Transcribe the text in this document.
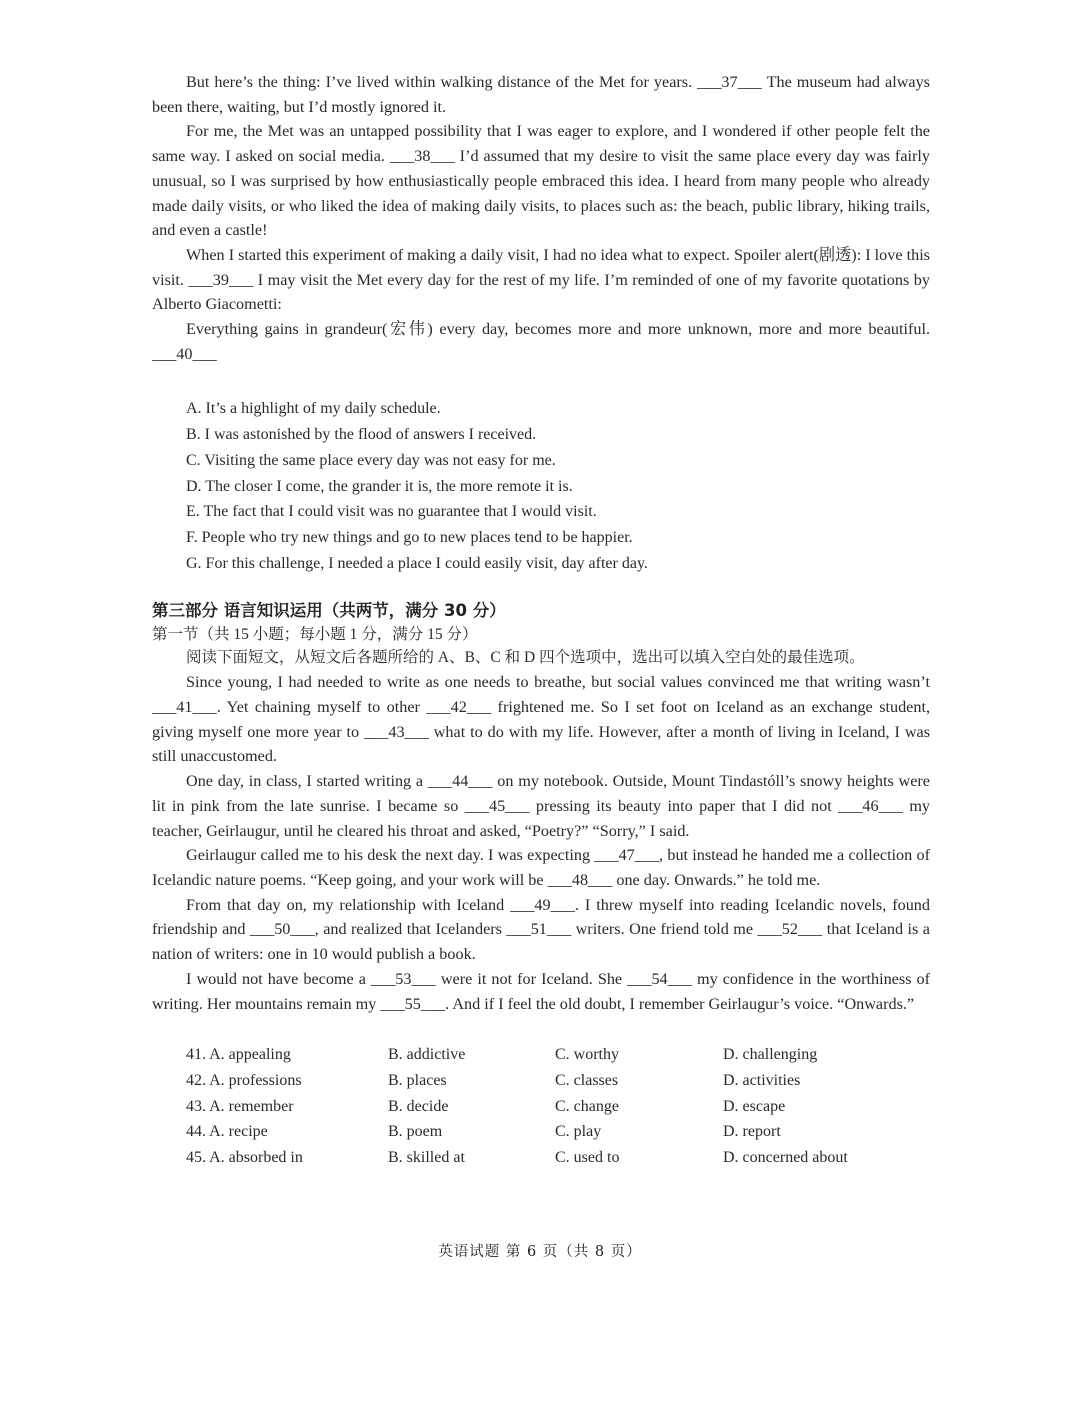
But here’s the thing: I’ve lived within walking distance of the Met for years. ___37___ The museum had always been there, waiting, but I’d mostly ignored it.

For me, the Met was an untapped possibility that I was eager to explore, and I wondered if other people felt the same way. I asked on social media. ___38___ I’d assumed that my desire to visit the same place every day was fairly unusual, so I was surprised by how enthusiastically people embraced this idea. I heard from many people who already made daily visits, or who liked the idea of making daily visits, to places such as: the beach, public library, hiking trails, and even a castle!

When I started this experiment of making a daily visit, I had no idea what to expect. Spoiler alert(剧透): I love this visit. ___39___ I may visit the Met every day for the rest of my life. I’m reminded of one of my favorite quotations by Alberto Giacometti:

Everything gains in grandeur(宏伟) every day, becomes more and more unknown, more and more beautiful. ___40___

A. It’s a highlight of my daily schedule.
B. I was astonished by the flood of answers I received.
C. Visiting the same place every day was not easy for me.
D. The closer I come, the grander it is, the more remote it is.
E. The fact that I could visit was no guarantee that I would visit.
F. People who try new things and go to new places tend to be happier.
G. For this challenge, I needed a place I could easily visit, day after day.
第三部分 语言知识运用（共两节，满分 30 分）
第一节（共 15 小题；每小题 1 分，满分 15 分）
阅读下面短文，从短文后各题所给的 A、B、C 和 D 四个选项中，选出可以填入空白处的最佳选项。

Since young, I had needed to write as one needs to breathe, but social values convinced me that writing wasn’t ___41___. Yet chaining myself to other ___42___ frightened me. So I set foot on Iceland as an exchange student, giving myself one more year to ___43___ what to do with my life. However, after a month of living in Iceland, I was still unaccustomed.

One day, in class, I started writing a ___44___ on my notebook. Outside, Mount Tindastóll’s snowy heights were lit in pink from the late sunrise. I became so ___45___ pressing its beauty into paper that I did not ___46___ my teacher, Geirlaugur, until he cleared his throat and asked, “Poetry?” “Sorry,” I said.

Geirlaugur called me to his desk the next day. I was expecting ___47___, but instead he handed me a collection of Icelandic nature poems. “Keep going, and your work will be ___48___ one day. Onwards.” he told me.

From that day on, my relationship with Iceland ___49___. I threw myself into reading Icelandic novels, found friendship and ___50___, and realized that Icelanders ___51___ writers. One friend told me ___52___ that Iceland is a nation of writers: one in 10 would publish a book.

I would not have become a ___53___ were it not for Iceland. She ___54___ my confidence in the worthiness of writing. Her mountains remain my ___55___. And if I feel the old doubt, I remember Geirlaugur’s voice. “Onwards.”

41. A. appealing	B. addictive	C. worthy	D. challenging
42. A. professions	B. places	C. classes	D. activities
43. A. remember	B. decide	C. change	D. escape
44. A. recipe	B. poem	C. play	D. report
45. A. absorbed in	B. skilled at	C. used to	D. concerned about
英语试题 第 6 页（共 8 页）
